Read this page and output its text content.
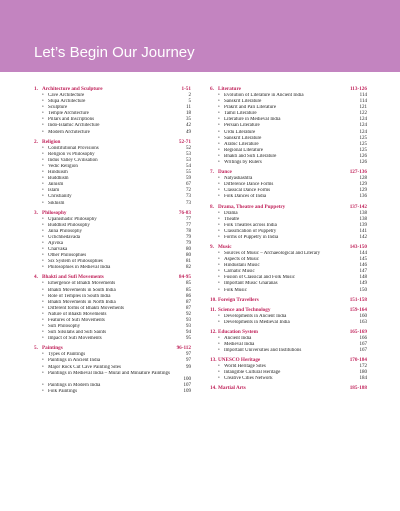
Let’s Begin Our Journey
1. Architecture and Sculpture	1-51
• Cave Architecture	2
• Stupa Architecture	5
• Sculpture	11
• Temple Architecture	18
• Pillars and Inscriptions	35
• Indo-Islamic Architecture	42
• Modern Architecture	49
2. Religion	52-71
• Constitutional Provisions	52
• Religion vs Philosophy	53
• Indus Valley Civilisation	53
• Vedic Religion	54
• Hinduism	55
• Buddhism	59
• Jainism	67
• Islam	72
• Christianity	73
• Sikhism	73
3. Philosophy	76-83
• Upanishadic Philosophy	77
• Buddhist Philosophy	77
• Jaina Philosophy	78
• Uchchhedavada	79
• Ajivika	79
• Charvaka	80
• Other Philosophies	80
• Six System of Philosophies	81
• Philosophies in Medieval India	82
4. Bhakti and Sufi Movements	84-95
• Emergence of Bhakti Movements	85
• Bhakti Movements in South India	85
• Role of Temples in South India	86
• Bhakti Movements in North India	87
• Different forms of Bhakti Movements	87
• Nature of Bhakti Movements	92
• Features of Sufi Movements	93
• Sufi Philosophy	93
• Sufi Silsilahs and Sufi Saints	94
• Impact of Sufi Movements	95
5. Paintings	96-112
• Types of Paintings	97
• Paintings in Ancient India	97
• Major Rock Cut Cave Painting Sites	99
• Paintings in Medieval India – Mural and Miniature Paintings
100
• Paintings in Modern India	107
• Folk Paintings	109
6. Literature	113-126
• Evolution of Literature in Ancient India	114
• Sanskrit Literature	114
• Prakrit and Pali Literature	121
• Tamil Literature	122
• Literature in Medieval India	124
• Persian Literature	124
• Urdu Literature	124
• Sanskrit Literature	125
• Arabic Literature	125
• Regional Literature	125
• Bhakti and Sufi Literature	126
• Writings by Rulers	126
7. Dance	127-136
• Natyashashtra	128
• Difference Dance Forms	129
• Classical Dance Forms	129
• Folk Dances of India	136
8. Drama, Theatre and Puppetry	137-142
• Drama	138
• Theatre	138
• Folk Theatres across India	139
• Classification of Puppetry	141
• Forms of Puppetry in India	142
9. Music	143-150
• Sources of Music – Archaeological and Literary	144
• Aspects of Music	145
• Hindustani Music	146
• Carnatic Music	147
• Fusion of Classical and Folk Music	148
• Important Music Gharanas	149
• Folk Music	150
10. Foreign Travellers	151-158
11. Science and Technology	159-164
• Developments in Ancient India	160
• Developments in Medieval India	163
12. Education System	165-169
• Ancient India	166
• Medieval India	167
• Important Universities and Institutions	167
13. UNESCO Heritage	170-184
• World Heritage Sites	172
• Intangible Cultural Heritage	180
• Creative Cities Network	184
14. Martial Arts	185-188
